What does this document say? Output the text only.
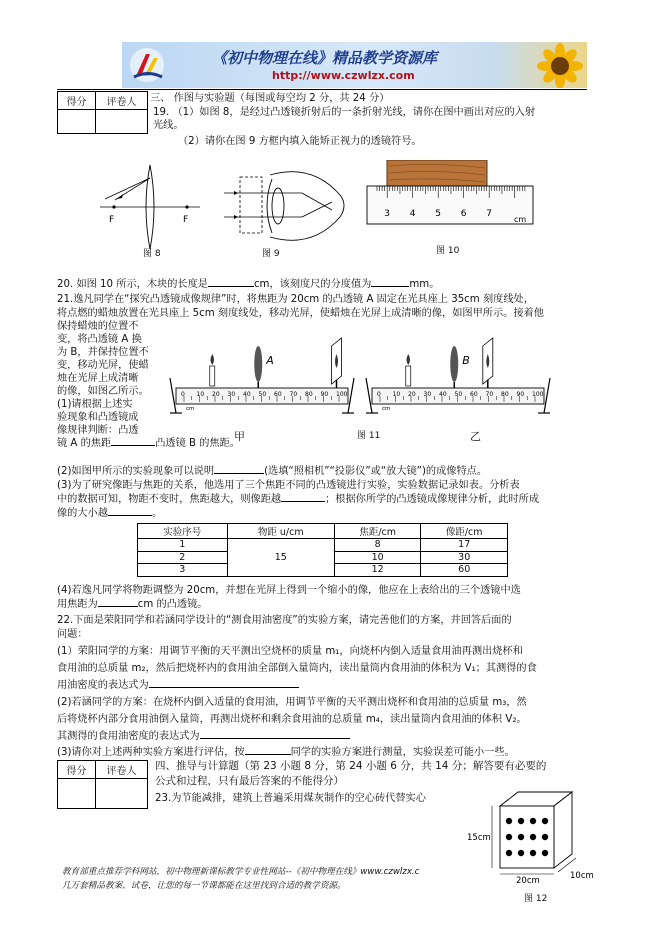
《初中物理在线》精品教学资源库
http://www.czwlzx.com
得分	评卷人
	三、 作图与实验题（每图或每空均 2 分，共 24 分）
19. （1）如图 8，是经过凸透镜折射后的一条折射光线，请你在图中画出对应的入射
光线。
（2）请你在图 9 方框内填入能矫正视力的透镜符号。
F	F
图 8	图 9
3 4 5 6 7
cm
图 10
20. 如图 10 所示，木块的长度是	cm，该刻度尺的分度值为	mm。
21.逸凡同学在“探究凸透镜成像规律”时，将焦距为 20cm 的凸透镜 A 固定在光具座上 35cm 刻度线处，
将点燃的蜡烛放置在光具座上 5cm 刻度线处，移动光屏，使蜡烛在光屏上成清晰的像，如图甲所示。接着他
保持蜡烛的位置不
变，将凸透镜 A 换
为 B，并保持位置不
变，移动光屏，使蜡
烛在光屏上成清晰
的像，如图乙所示。
(1)请根据上述实
验现象和凸透镜成
像规律判断：凸透
镜 A 的焦距	凸透镜 B 的焦距。
0 10 20 30 40 50 60 70 80 90 100
cm
A
0 10 20 30 40 50 60 70 80 90 100
cm
B
甲	图 11	乙
(2)如图甲所示的实验现象可以说明	(选填“照相机”“投影仪”或“放大镜”)的成像特点。
(3)为了研究像距与焦距的关系，他选用了三个焦距不同的凸透镜进行实验，实验数据记录如表。分析表
中的数据可知，物距不变时，焦距越大，则像距越	；根据你所学的凸透镜成像规律分析，此时所成
像的大小越	。
实验序号	物距 u/cm	焦距/cm	像距/cm
1	15	8	17
2		10	30
3		12	60
(4)若逸凡同学将物距调整为 20cm，并想在光屏上得到一个缩小的像，他应在上表给出的三个透镜中选
用焦距为	cm 的凸透镜。
22.下面是荣阳同学和若涵同学设计的“测食用油密度”的实验方案，请完善他们的方案，并回答后面的
问题：
(1）荣阳同学的方案：用调节平衡的天平测出空烧杯的质量 m₁，向烧杯内倒入适量食用油再测出烧杯和
食用油的总质量 m₂，然后把烧杯内的食用油全部倒入量筒内，读出量筒内食用油的体积为 V₁；其测得的食
用油密度的表达式为
(2)若涵同学的方案：在烧杯内倒入适量的食用油，用调节平衡的天平测出烧杯和食用油的总质量 m₃，然
后将烧杯内部分食用油倒入量筒，再测出烧杯和剩余食用油的总质量 m₄，读出量筒内食用油的体积 V₂。
其测得的食用油密度的表达式为
(3)请你对上述两种实验方案进行评估，按	同学的实验方案进行测量，实验误差可能小一些。
得分	评卷人
	四、推导与计算题（第 23 小题 8 分，第 24 小题 6 分，共 14 分；解答要有必要的
公式和过程，只有最后答案的不能得分）
23.为节能减排，建筑上普遍采用煤灰制作的空心砖代替实心
15cm
20cm	10cm
教育部重点推荐学科网站，初中物理新课标教学专业性网站--《初中物理在线》www.czwlzx.c
几万套精品教案、试卷，让您的每一节课都能在这里找到合适的教学资源。
图 12
